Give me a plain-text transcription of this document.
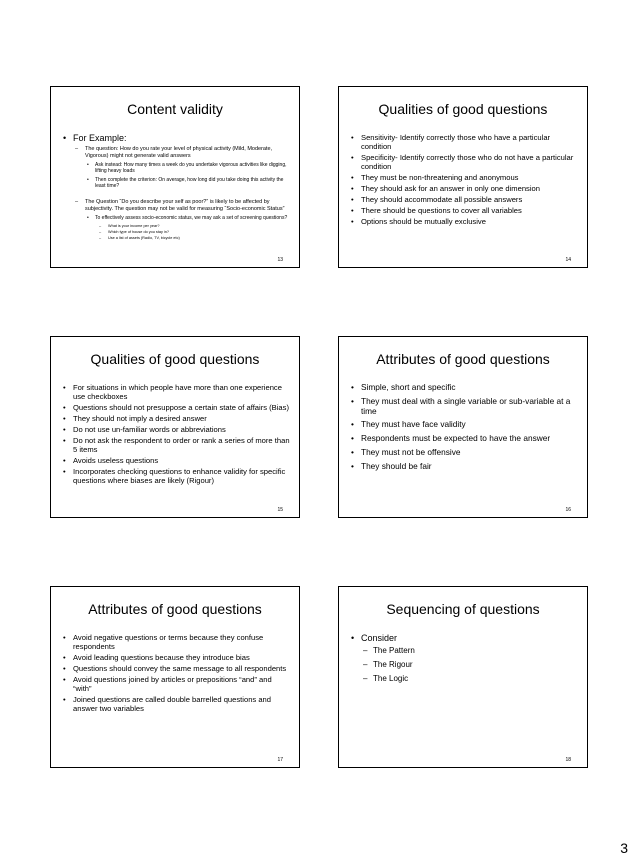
Content validity
• For Example:
– The question: How do you rate your level of physical activity (Mild, Moderate, Vigorous) might not generate valid answers
• Ask instead: How many times a week do you undertake vigorous activities like digging, lifting heavy loads
• Then complete the criterion: On average, how long did you take doing this activity the least time?
– The Question “Do you describe your self as poor?” is likely to be affected by subjectivity. The question may not be valid for measuring “Socio-economic Status”
• To effectively assess socio-economic status, we may ask a set of screening questions?
– What is your income per year?
– Which type of house do you stay in?
– Use a list of assets (Radio, TV, bicycle etc)
13
Qualities of good questions
• Sensitivity- Identify correctly those who have a particular condition
• Specificity- Identify correctly those who do not have a particular condition
• They must be non-threatening and anonymous
• They should ask for an answer in only one dimension
• They should accommodate all possible answers
• There should be questions to cover all variables
• Options should be mutually exclusive
14
Qualities of good questions
• For situations in which people have more than one experience use checkboxes
• Questions should not presuppose a certain state of affairs (Bias)
• They should not imply a desired answer
• Do not use un-familiar words or abbreviations
• Do not ask the respondent to order or rank a series of more than 5 items
• Avoids useless questions
• Incorporates checking questions to enhance validity for specific questions where biases are likely (Rigour)
15
Attributes of good questions
• Simple, short and specific
• They must deal with a single variable or sub-variable at a time
• They must have face validity
• Respondents must be expected to have the answer
• They must not be offensive
• They should be fair
16
Attributes of good questions
• Avoid negative questions or terms because they confuse respondents
• Avoid leading questions because they introduce bias
• Questions should convey the same message to all respondents
• Avoid questions joined by articles or prepositions “and” and “with”
• Joined questions are called double barrelled questions and answer two variables
17
Sequencing of questions
• Consider
– The Pattern
– The Rigour
– The Logic
18
3
